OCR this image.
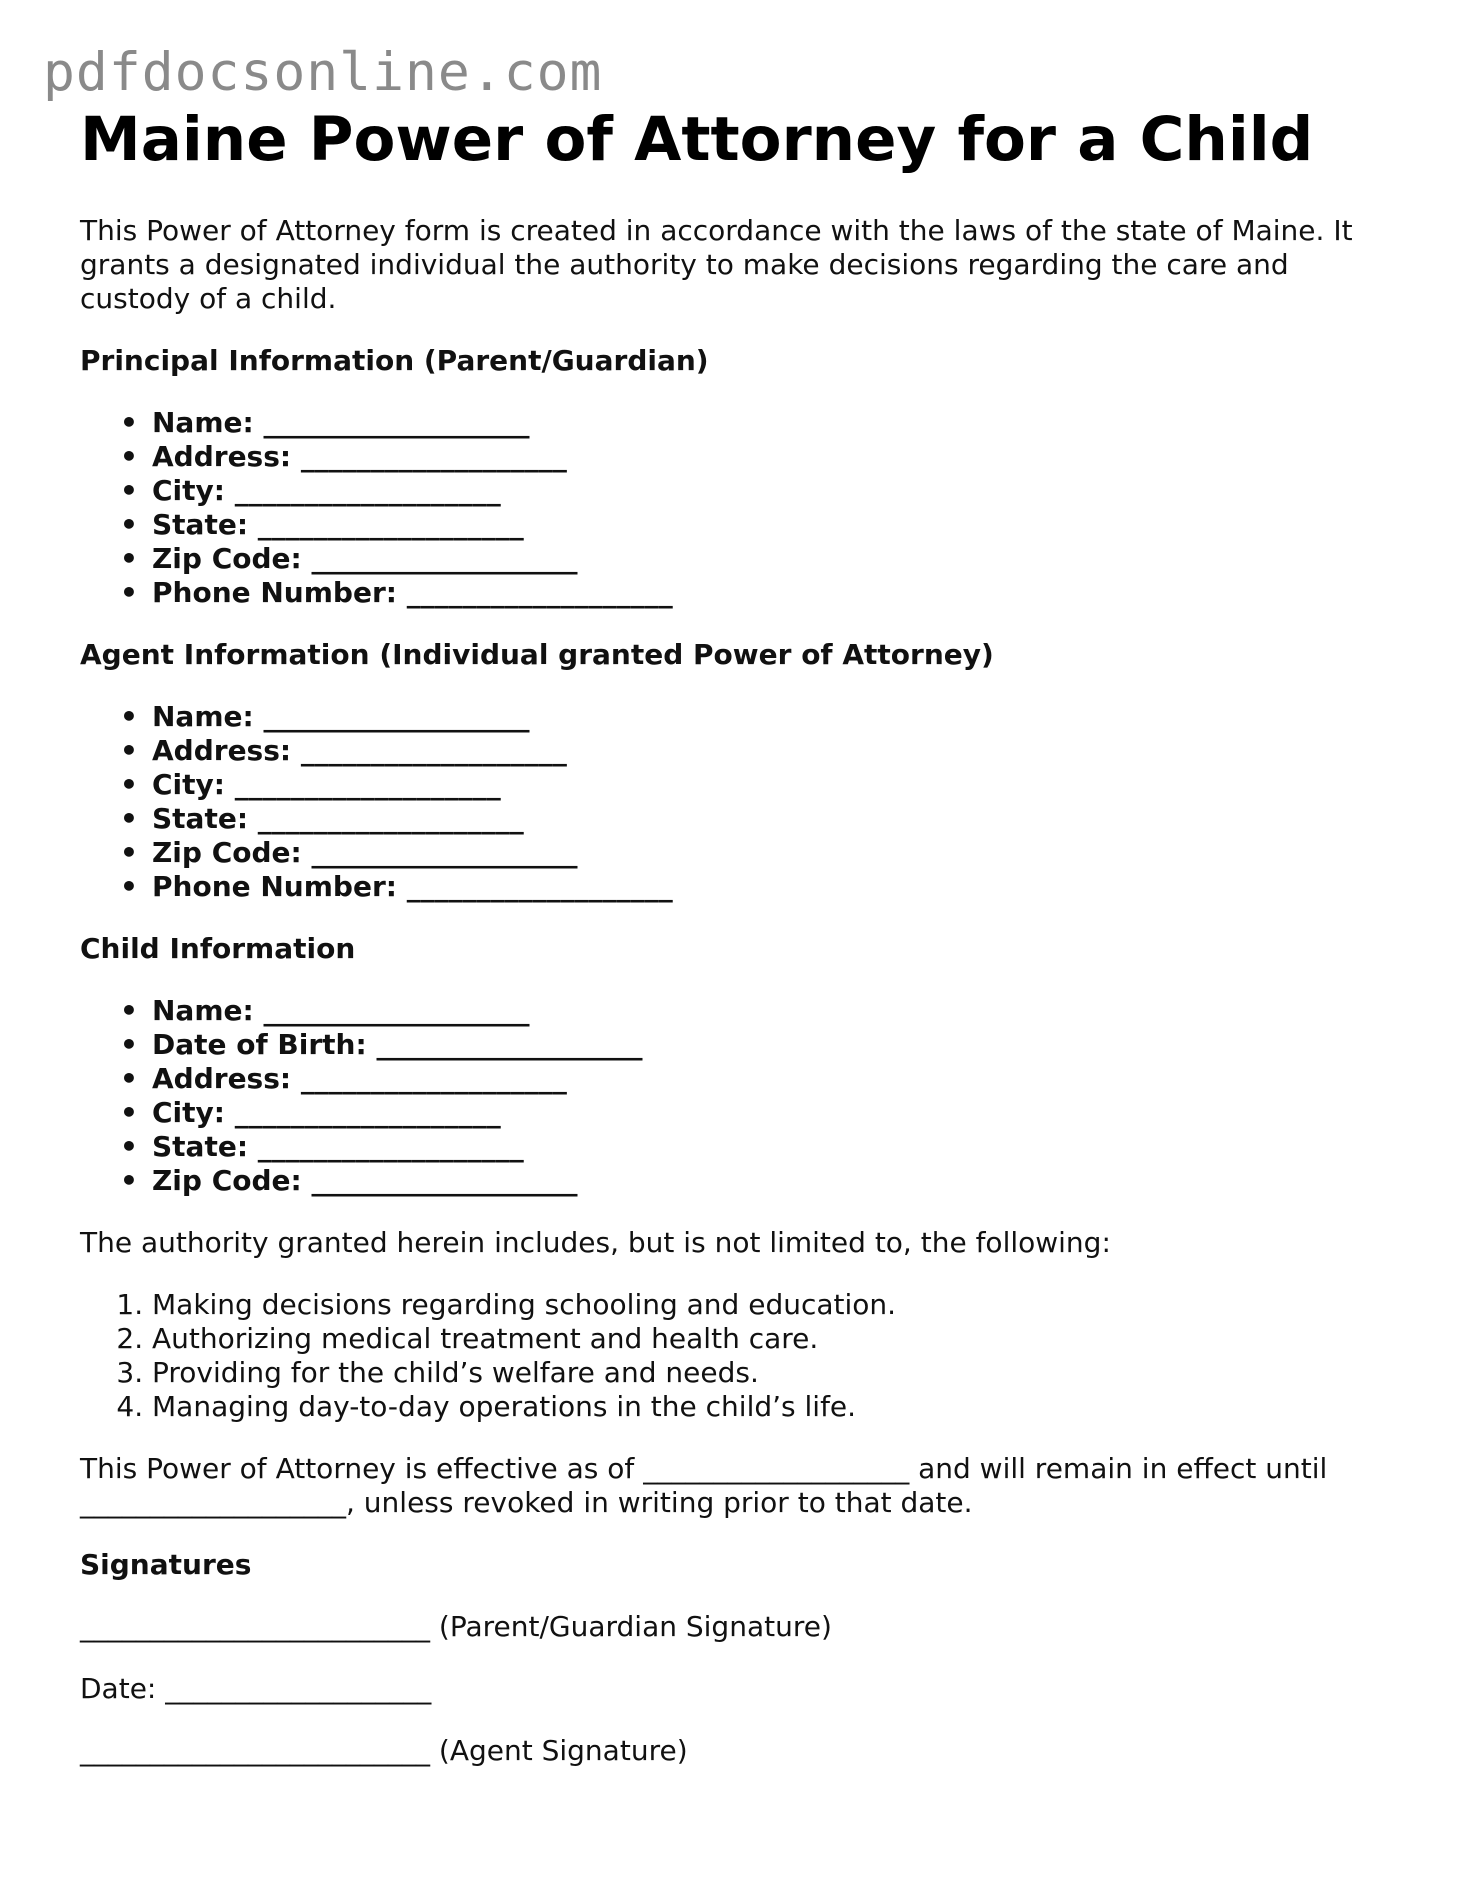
pdfdocsonline.com
Maine Power of Attorney for a Child

This Power of Attorney form is created in accordance with the laws of the state of Maine. It grants a designated individual the authority to make decisions regarding the care and custody of a child.

Principal Information (Parent/Guardian)
• Name: ___________________
• Address: ___________________
• City: ___________________
• State: ___________________
• Zip Code: ___________________
• Phone Number: ___________________
Agent Information (Individual granted Power of Attorney)
• Name: ___________________
• Address: ___________________
• City: ___________________
• State: ___________________
• Zip Code: ___________________
• Phone Number: ___________________
Child Information
• Name: ___________________
• Date of Birth: ___________________
• Address: ___________________
• City: ___________________
• State: ___________________
• Zip Code: ___________________

The authority granted herein includes, but is not limited to, the following:

1. Making decisions regarding schooling and education.
2. Authorizing medical treatment and health care.
3. Providing for the child’s welfare and needs.
4. Managing day-to-day operations in the child’s life.

This Power of Attorney is effective as of ___________________ and will remain in effect until ___________________, unless revoked in writing prior to that date.

Signatures

_________________________ (Parent/Guardian Signature)

Date: ___________________

_________________________ (Agent Signature)
